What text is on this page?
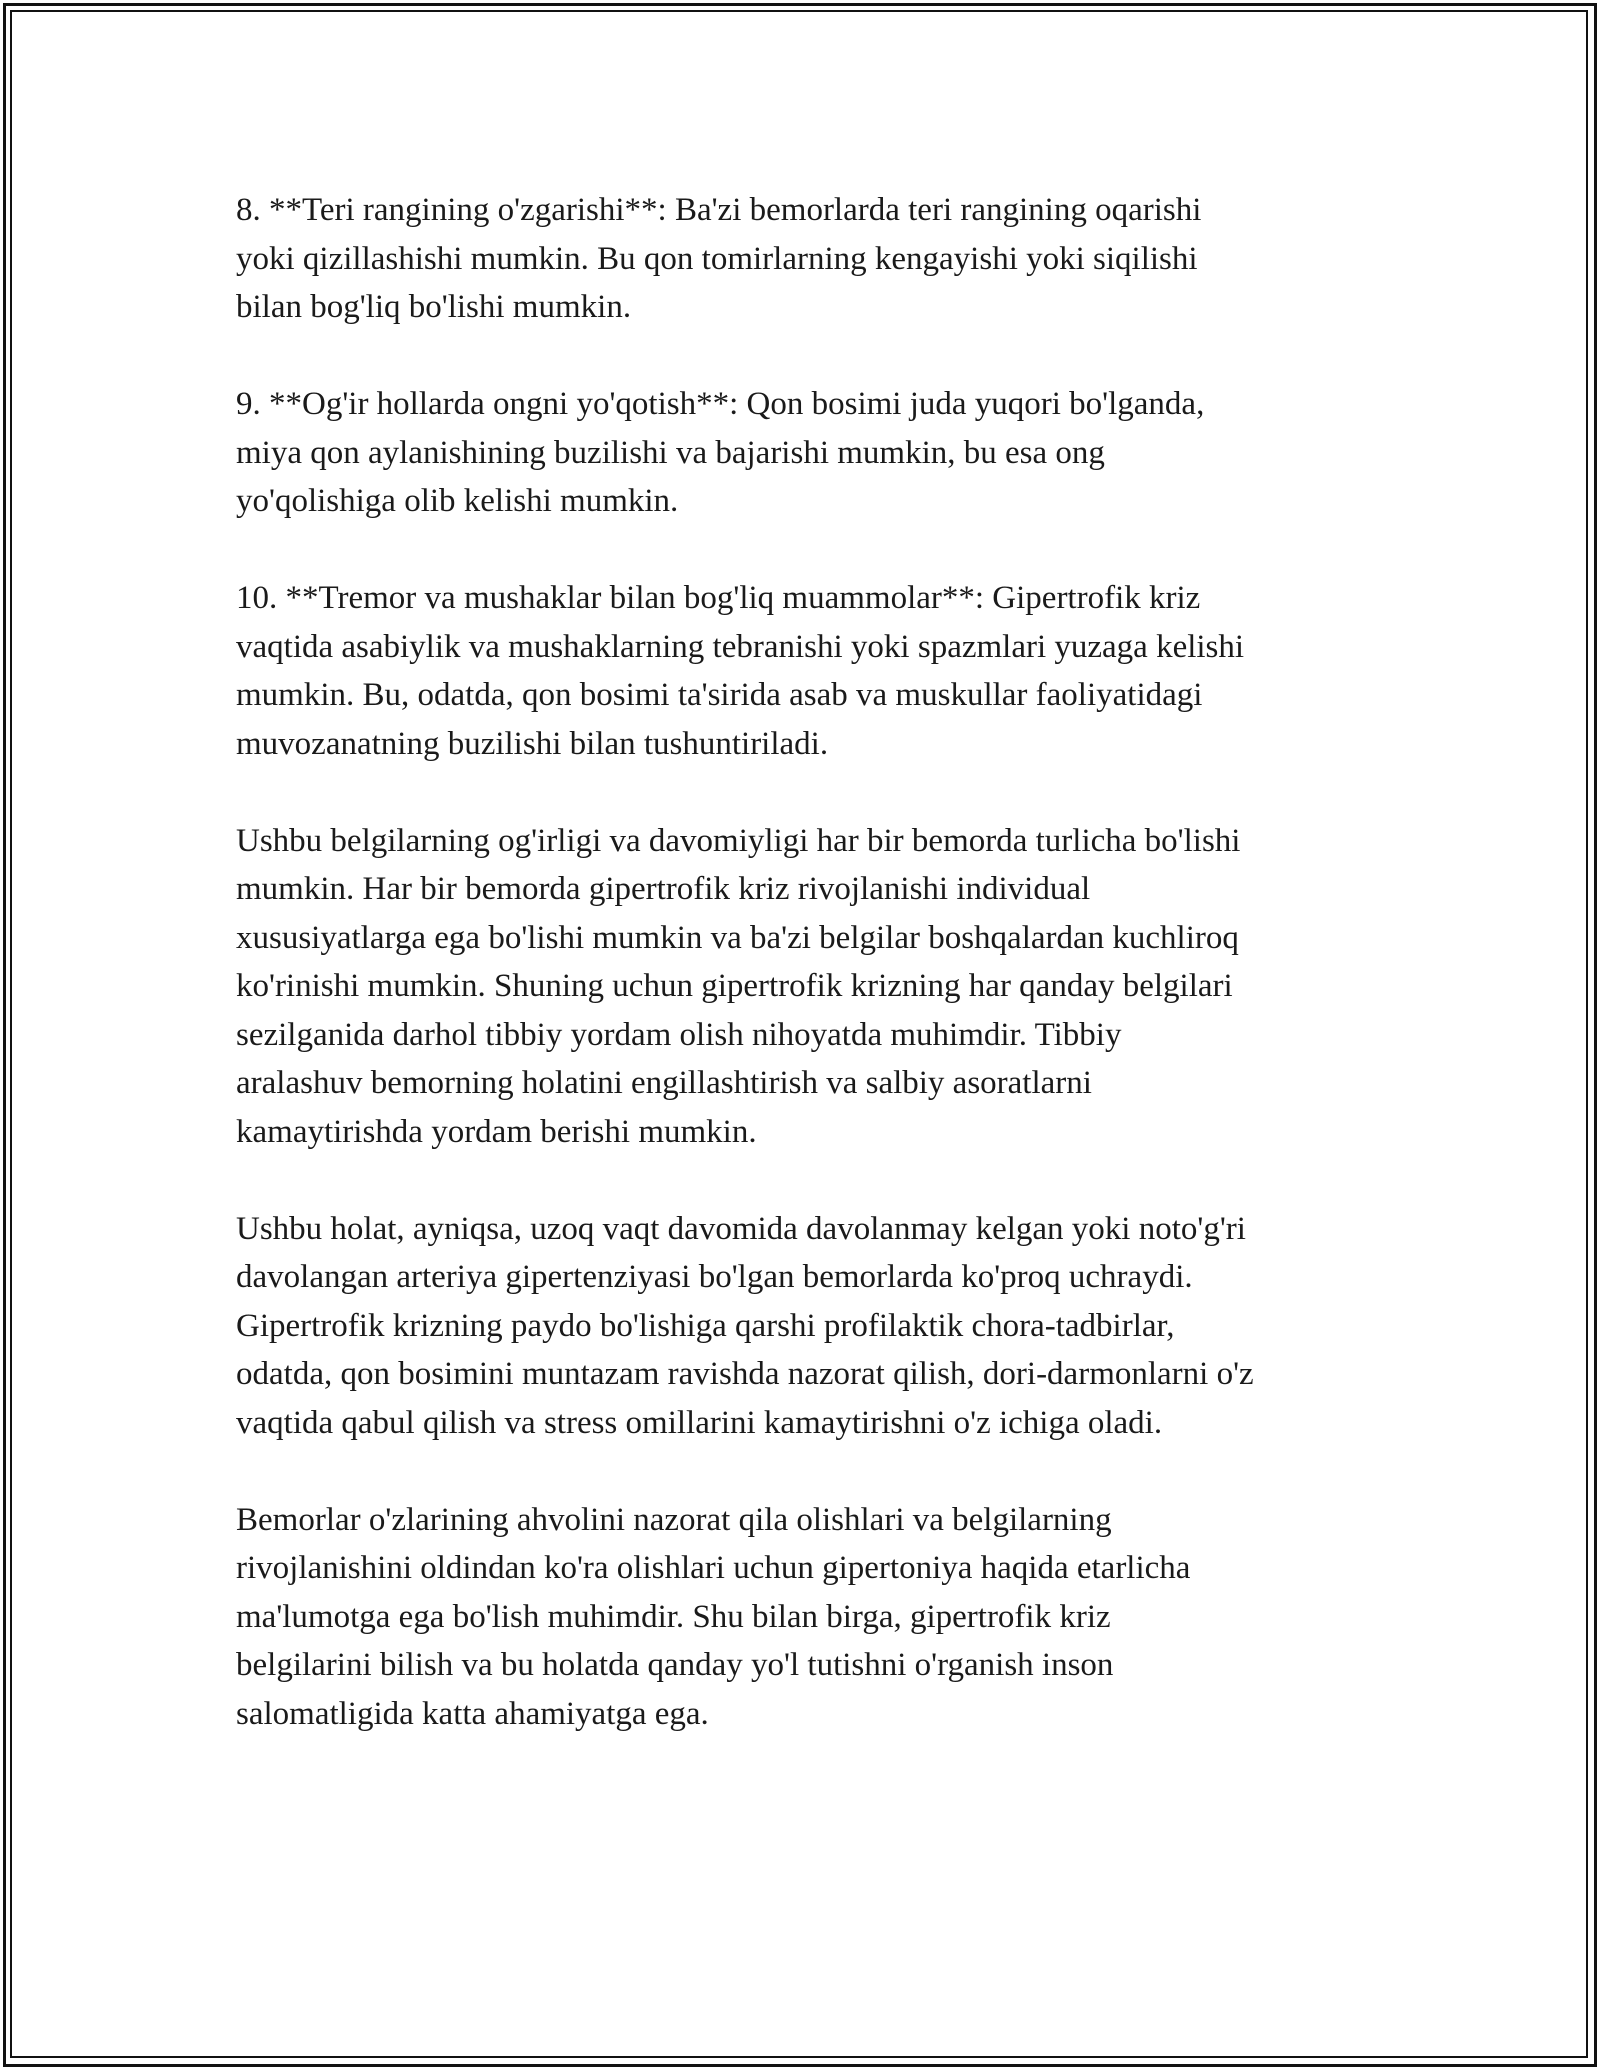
8. **Teri rangining o'zgarishi**: Ba'zi bemorlarda teri rangining oqarishi
yoki qizillashishi mumkin. Bu qon tomirlarning kengayishi yoki siqilishi
bilan bog'liq bo'lishi mumkin.

9. **Og'ir hollarda ongni yo'qotish**: Qon bosimi juda yuqori bo'lganda,
miya qon aylanishining buzilishi va bajarishi mumkin, bu esa ong
yo'qolishiga olib kelishi mumkin.

10. **Tremor va mushaklar bilan bog'liq muammolar**: Gipertrofik kriz
vaqtida asabiylik va mushaklarning tebranishi yoki spazmlari yuzaga kelishi
mumkin. Bu, odatda, qon bosimi ta'sirida asab va muskullar faoliyatidagi
muvozanatning buzilishi bilan tushuntiriladi.

Ushbu belgilarning og'irligi va davomiyligi har bir bemorda turlicha bo'lishi
mumkin. Har bir bemorda gipertrofik kriz rivojlanishi individual
xususiyatlarga ega bo'lishi mumkin va ba'zi belgilar boshqalardan kuchliroq
ko'rinishi mumkin. Shuning uchun gipertrofik krizning har qanday belgilari
sezilganida darhol tibbiy yordam olish nihoyatda muhimdir. Tibbiy
aralashuv bemorning holatini engillashtirish va salbiy asoratlarni
kamaytirishda yordam berishi mumkin.

Ushbu holat, ayniqsa, uzoq vaqt davomida davolanmay kelgan yoki noto'g'ri
davolangan arteriya gipertenziyasi bo'lgan bemorlarda ko'proq uchraydi.
Gipertrofik krizning paydo bo'lishiga qarshi profilaktik chora-tadbirlar,
odatda, qon bosimini muntazam ravishda nazorat qilish, dori-darmonlarni o'z
vaqtida qabul qilish va stress omillarini kamaytirishni o'z ichiga oladi.

Bemorlar o'zlarining ahvolini nazorat qila olishlari va belgilarning
rivojlanishini oldindan ko'ra olishlari uchun gipertoniya haqida etarlicha
ma'lumotga ega bo'lish muhimdir. Shu bilan birga, gipertrofik kriz
belgilarini bilish va bu holatda qanday yo'l tutishni o'rganish inson
salomatligida katta ahamiyatga ega.
